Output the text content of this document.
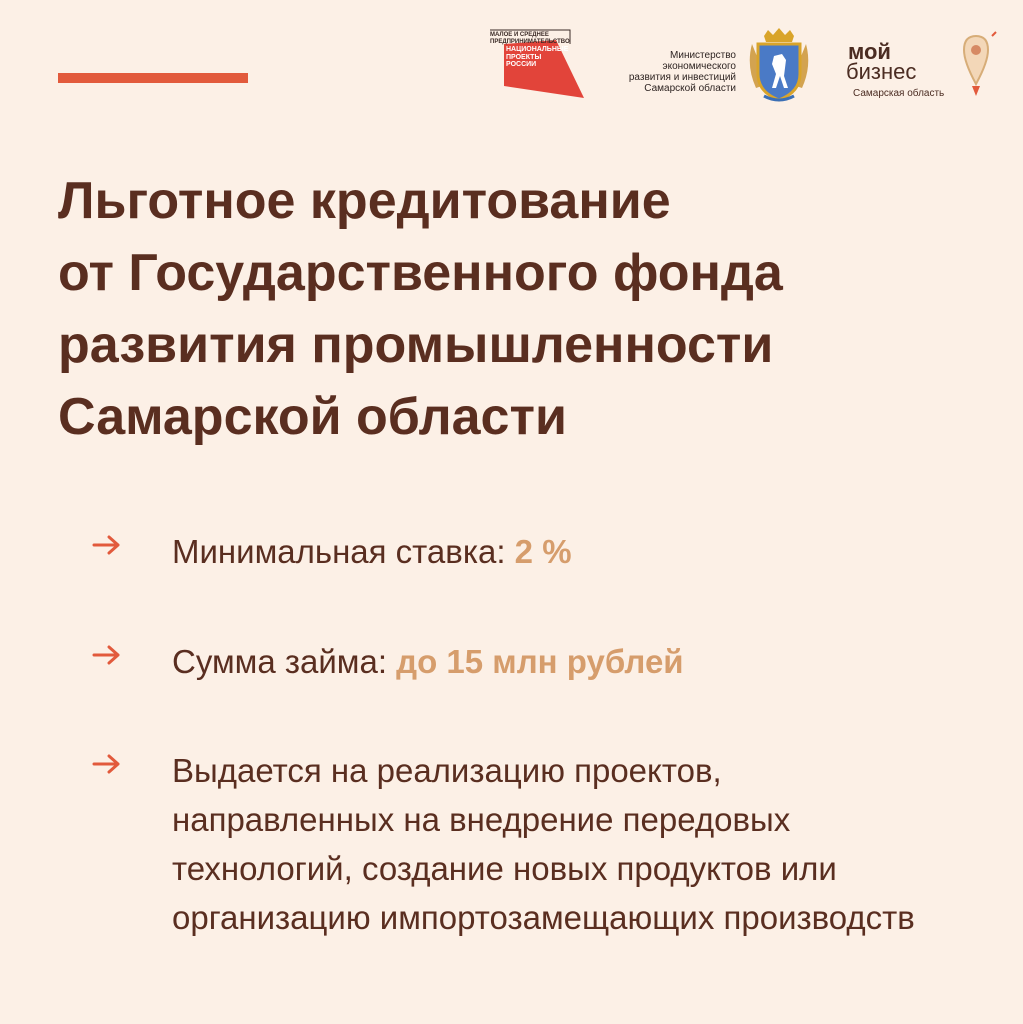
МАЛОЕ И СРЕДНЕЕ
ПРЕДПРИНИМАТЕЛЬСТВО
НАЦИОНАЛЬНЫЕ
ПРОЕКТЫ
РОССИИ
Министерство
экономического
развития и инвестиций
Самарской области
мой
бизнес
Самарская область
Льготное кредитование
от Государственного фонда
развития промышленности
Самарской области
Минимальная ставка: 2 %
Сумма займа: до 15 млн рублей
Выдается на реализацию проектов,
направленных на внедрение передовых
технологий, создание новых продуктов или
организацию импортозамещающих производств
